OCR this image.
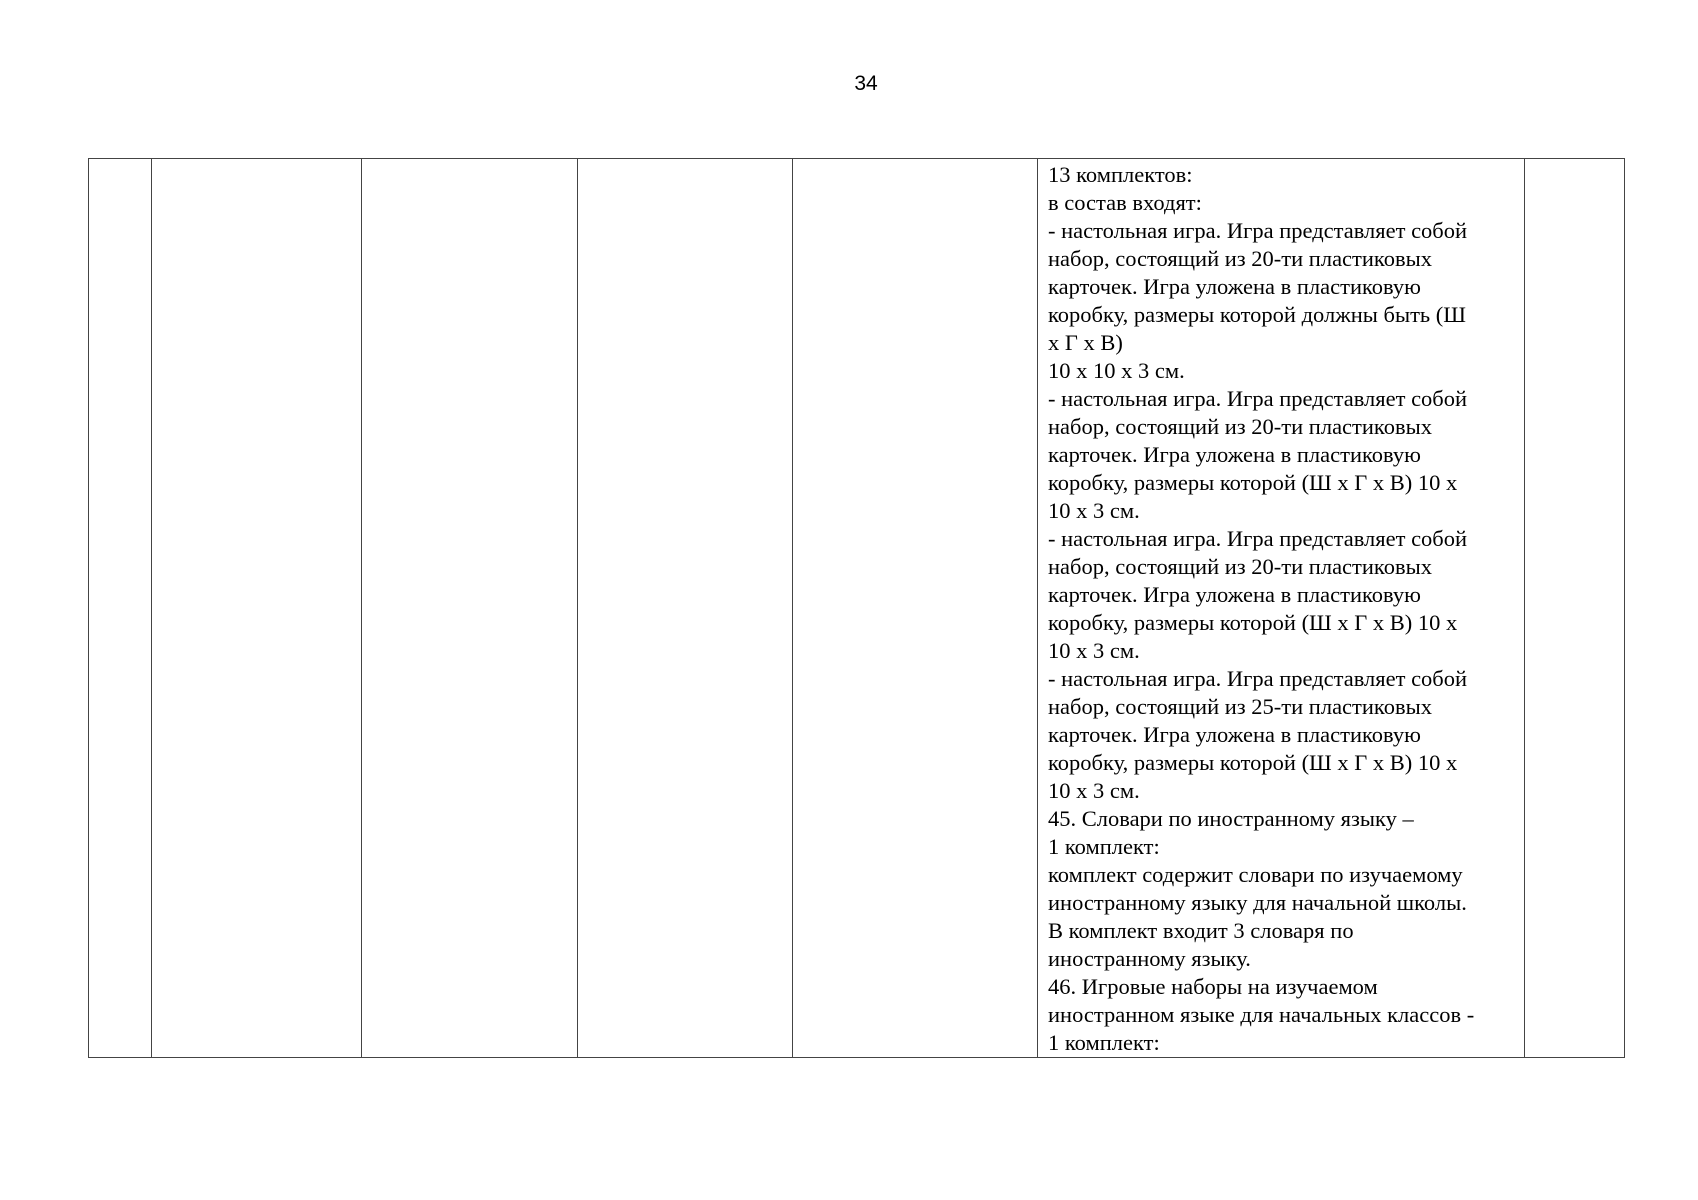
34

13 комплектов:
в состав входят:
- настольная игра. Игра представляет собой
набор, состоящий из 20-ти пластиковых
карточек. Игра уложена в пластиковую
коробку, размеры которой должны быть (Ш
х Г х В)
10 х 10 х 3 см.
- настольная игра. Игра представляет собой
набор, состоящий из 20-ти пластиковых
карточек. Игра уложена в пластиковую
коробку, размеры которой (Ш х Г х В) 10 х
10 х 3 см.
- настольная игра. Игра представляет собой
набор, состоящий из 20-ти пластиковых
карточек. Игра уложена в пластиковую
коробку, размеры которой (Ш х Г х В) 10 х
10 х 3 см.
- настольная игра. Игра представляет собой
набор, состоящий из 25-ти пластиковых
карточек. Игра уложена в пластиковую
коробку, размеры которой (Ш х Г х В) 10 х
10 х 3 см.
45. Словари по иностранному языку –
1 комплект:
комплект содержит словари по изучаемому
иностранному языку для начальной школы.
В комплект входит 3 словаря по
иностранному языку.
46. Игровые наборы на изучаемом
иностранном языке для начальных классов -
1 комплект:
